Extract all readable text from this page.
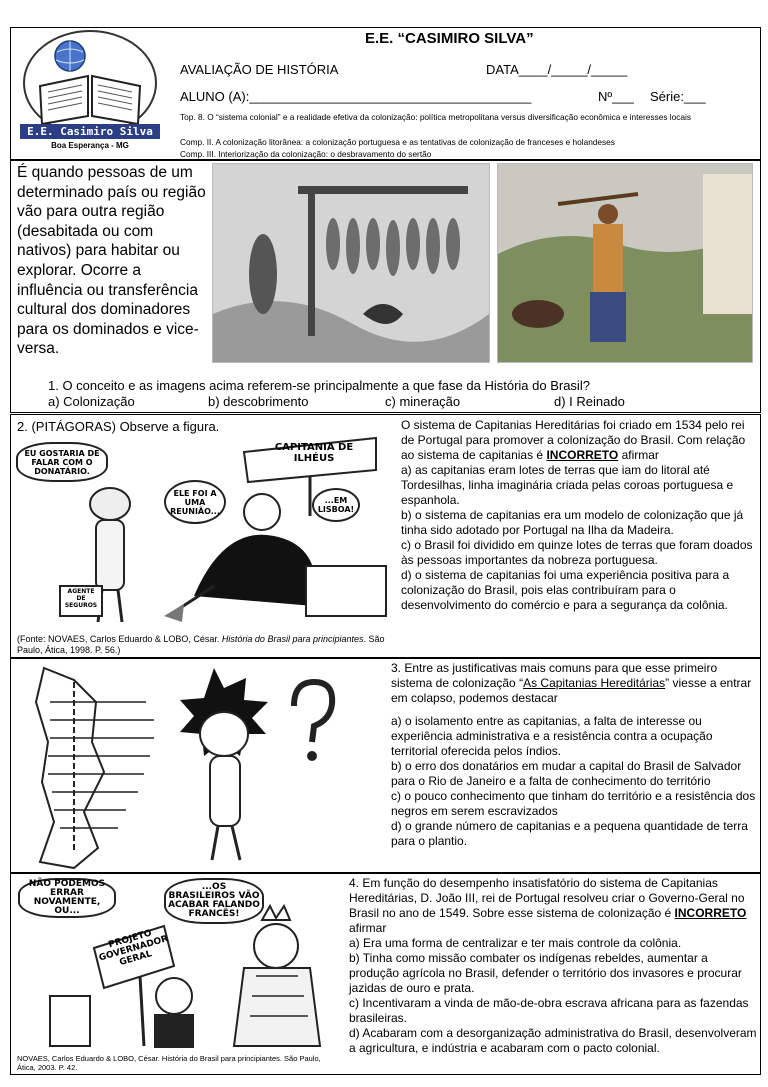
E.E. Casimiro Silva
Boa Esperança - MG
E.E. “CASIMIRO SILVA”
AVALIAÇÃO DE HISTÓRIA	DATA____/_____/_____
ALUNO (A):_______________________________________	Nº___ Série:___
Top. 8. O “sistema colonial” e a realidade efetiva da colonização: política metropolitana versus diversificação econômica e interesses locais
Comp. II. A colonização litorânea: a colonização portuguesa e as tentativas de colonização de franceses e holandeses
Comp. III. Interiorização da colonização: o desbravamento do sertão
É quando pessoas de um determinado país ou região vão para outra região (desabitada ou com nativos) para habitar ou explorar. Ocorre a influência ou transferência cultural dos dominadores para os dominados e vice-versa.
1. O conceito e as imagens acima referem-se principalmente a que fase da História do Brasil?
a) Colonização	b) descobrimento	c) mineração	d) I Reinado
2. (PITÁGORAS) Observe a figura.
EU GOSTARIA DE FALAR COM O DONATÁRIO.
ELE FOI A UMA REUNIÃO...
...EM LISBOA!
CAPITANIA DE ILHÉUS
AGENTE DE SEGUROS
(Fonte: NOVAES, Carlos Eduardo & LOBO, César. História do Brasil para principiantes. São Paulo, Ática, 1998. P. 56.)
O sistema de Capitanias Hereditárias foi criado em 1534 pelo rei de Portugal para promover a colonização do Brasil. Com relação ao sistema de capitanias é INCORRETO afirmar
a) as capitanias eram lotes de terras que iam do litoral até Tordesilhas, linha imaginária criada pelas coroas portuguesa e espanhola.
b) o sistema de capitanias era um modelo de colonização que já tinha sido adotado por Portugal na Ilha da Madeira.
c) o Brasil foi dividido em quinze lotes de terras que foram doados às pessoas importantes da nobreza portuguesa.
d) o sistema de capitanias foi uma experiência positiva para a colonização do Brasil, pois elas contribuíram para o desenvolvimento do comércio e para a segurança da colônia.
3. Entre as justificativas mais comuns para que esse primeiro sistema de colonização “As Capitanias Hereditárias” viesse a entrar em colapso, podemos destacar
a) o isolamento entre as capitanias, a falta de interesse ou experiência administrativa e a resistência contra a ocupação territorial oferecida pelos índios.
b) o erro dos donatários em mudar a capital do Brasil de Salvador para o Rio de Janeiro e a falta de conhecimento do território
c) o pouco conhecimento que tinham do território e a resistência dos negros em serem escravizados
d) o grande número de capitanias e a pequena quantidade de terra para o plantio.
NÃO PODEMOS ERRAR NOVAMENTE, OU...
...OS BRASILEIROS VÃO ACABAR FALANDO FRANCÊS!
PROJETO GOVERNADOR GERAL
NOVAES, Carlos Eduardo & LOBO, César. História do Brasil para principiantes. São Paulo, Ática, 2003. P. 42.
4. Em função do desempenho insatisfatório do sistema de Capitanias Hereditárias, D. João III, rei de Portugal resolveu criar o Governo-Geral no Brasil no ano de 1549. Sobre esse sistema de colonização é INCORRETO afirmar
a) Era uma forma de centralizar e ter mais controle da colônia.
b) Tinha como missão combater os indígenas rebeldes, aumentar a produção agrícola no Brasil, defender o território dos invasores e procurar jazidas de ouro e prata.
c) Incentivaram a vinda de mão-de-obra escrava africana para as fazendas brasileiras.
d) Acabaram com a desorganização administrativa do Brasil, desenvolveram a agricultura, e indústria e acabaram com o pacto colonial.
